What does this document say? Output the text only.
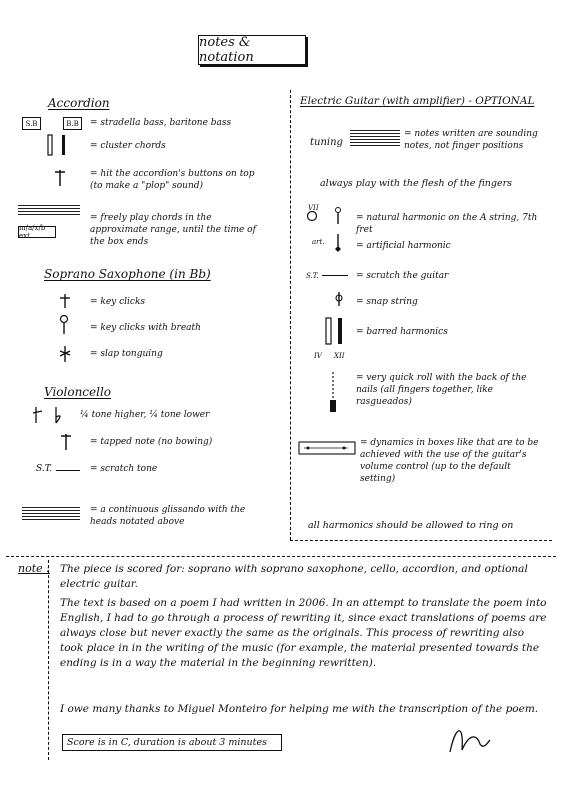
notes & notation
Accordion
S.B	B.B	= stradella bass, baritone bass
= cluster chords
= hit the accordion's buttons on top (to make a "plop" sound)
m/a/x/b ext.
= freely play chords in the approximate range, until the time of the box ends
Soprano Saxophone (in Bb)
= key clicks
= key clicks with breath
= slap tonguing
Violoncello
¼ tone higher, ¼ tone lower
= tapped note (no bowing)
S.T.	= scratch tone
= a continuous glissando with the heads notated above
Electric Guitar (with amplifier) - OPTIONAL
tuning
= notes written are sounding notes, not finger positions
always play with the flesh of the fingers
VII
= natural harmonic on the A string, 7th fret
art.	= artificial harmonic
S.T.	= scratch the guitar
= snap string
IV XII
= barred harmonics
= very quick roll with the back of the nails (all fingers together, like rasgueados)
= dynamics in boxes like that are to be achieved with the use of the guitar's volume control (up to the default setting)
all harmonics should be allowed to ring on
note : The piece is scored for: soprano with soprano saxophone, cello, accordion, and optional electric guitar.
The text is based on a poem I had written in 2006. In an attempt to translate the poem into English, I had to go through a process of rewriting it, since exact translations of poems are always close but never exactly the same as the originals. This process of rewriting also took place in in the writing of the music (for example, the material presented towards the ending is in a way the material in the beginning rewritten).
I owe many thanks to Miguel Monteiro for helping me with the transcription of the poem.
Score is in C, duration is about 3 minutes
